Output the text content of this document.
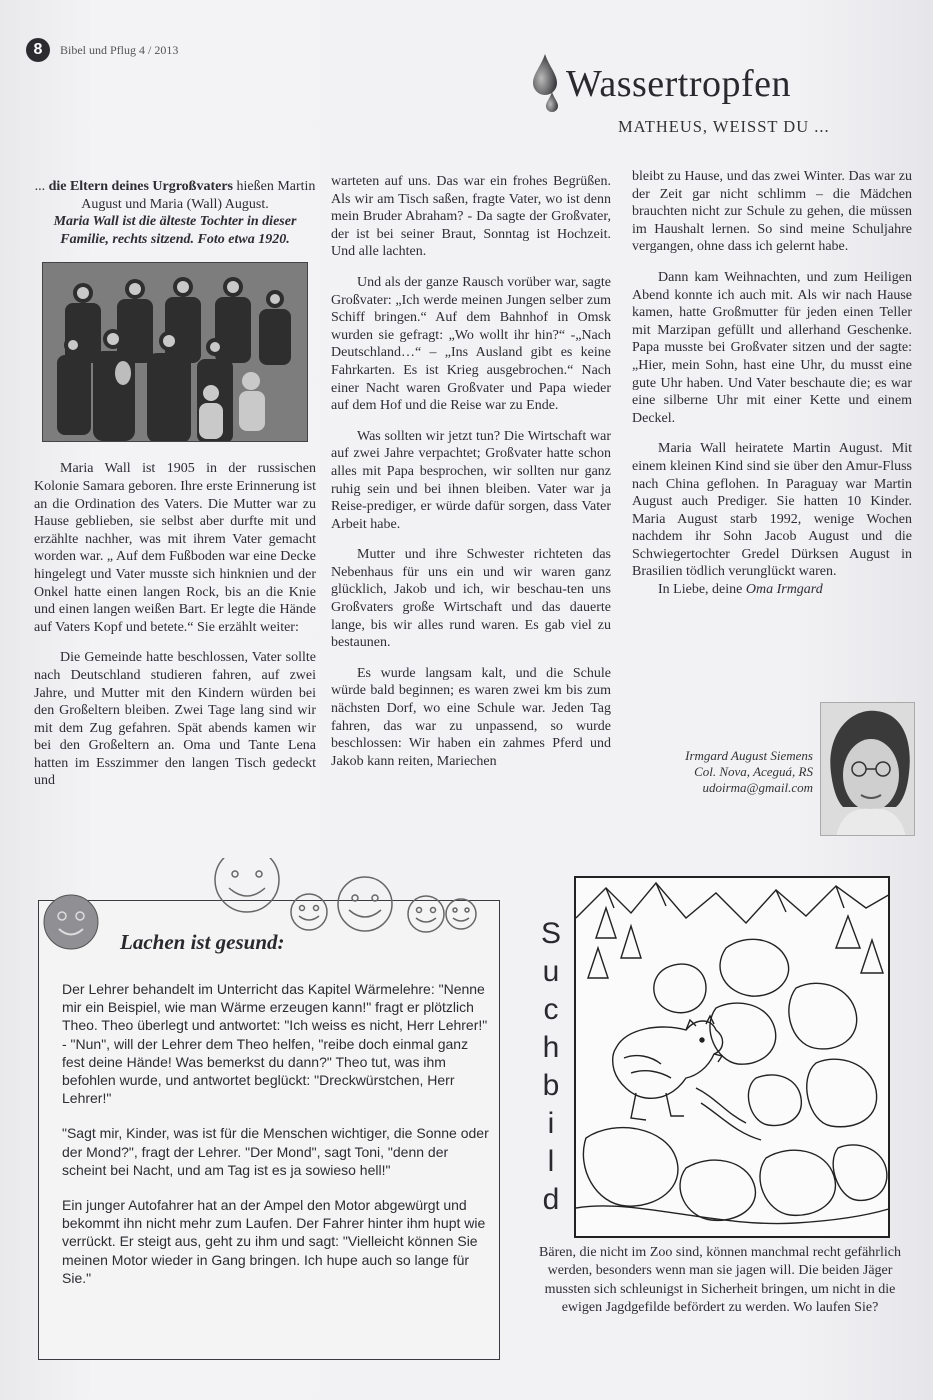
8	Bibel und Pflug 4 / 2013
Wassertropfen
MATHEUS, WEISST DU ...
... die Eltern deines Urgroßvaters hießen Martin August und Maria (Wall) August.
Maria Wall ist die älteste Tochter in dieser Familie, rechts sitzend. Foto etwa 1920.

Maria Wall ist 1905 in der russischen Kolonie Samara geboren. Ihre erste Erinnerung ist an die Ordination des Vaters. Die Mutter war zu Hause geblieben, sie selbst aber durfte mit und erzählte nachher, was mit ihrem Vater gemacht worden war. „ Auf dem Fußboden war eine Decke hingelegt und Vater musste sich hinknien und der Onkel hatte einen langen Rock, bis an die Knie und einen langen weißen Bart. Er legte die Hände auf Vaters Kopf und betete.“ Sie erzählt weiter:

Die Gemeinde hatte beschlossen, Vater sollte nach Deutschland studieren fahren, auf zwei Jahre, und Mutter mit den Kindern würden bei den Großeltern bleiben. Zwei Tage lang sind wir mit dem Zug gefahren. Spät abends kamen wir bei den Großeltern an. Oma und Tante Lena hatten im Esszimmer den langen Tisch gedeckt und

warteten auf uns. Das war ein frohes Begrüßen. Als wir am Tisch saßen, fragte Vater, wo ist denn mein Bruder Abraham? - Da sagte der Großvater, der ist bei seiner Braut, Sonntag ist Hochzeit. Und alle lachten.

Und als der ganze Rausch vorüber war, sagte Großvater: „Ich werde meinen Jungen selber zum Schiff bringen.“ Auf dem Bahnhof in Omsk wurden sie gefragt: „Wo wollt ihr hin?“ -„Nach Deutschland…“ – „Ins Ausland gibt es keine Fahrkarten. Es ist Krieg ausgebrochen.“ Nach einer Nacht waren Großvater und Papa wieder auf dem Hof und die Reise war zu Ende.

Was sollten wir jetzt tun? Die Wirtschaft war auf zwei Jahre verpachtet; Großvater hatte schon alles mit Papa besprochen, wir sollten nur ganz ruhig sein und bei ihnen bleiben. Vater war ja Reise-prediger, er würde dafür sorgen, dass Vater Arbeit habe.

Mutter und ihre Schwester richteten das Nebenhaus für uns ein und wir waren ganz glücklich, Jakob und ich, wir beschau-ten uns Großvaters große Wirtschaft und das dauerte lange, bis wir alles rund waren. Es gab viel zu bestaunen.

Es wurde langsam kalt, und die Schule würde bald beginnen; es waren zwei km bis zum nächsten Dorf, wo eine Schule war. Jeden Tag fahren, das war zu unpassend, so wurde beschlossen: Wir haben ein zahmes Pferd und Jakob kann reiten, Mariechen

bleibt zu Hause, und das zwei Winter. Das war zu der Zeit gar nicht schlimm – die Mädchen brauchten nicht zur Schule zu gehen, die müssen im Haushalt lernen. So sind meine Schuljahre vergangen, ohne dass ich gelernt habe.

Dann kam Weihnachten, und zum Heiligen Abend konnte ich auch mit. Als wir nach Hause kamen, hatte Großmutter für jeden einen Teller mit Marzipan gefüllt und allerhand Geschenke. Papa musste bei Großvater sitzen und der sagte: „Hier, mein Sohn, hast eine Uhr, du musst eine gute Uhr haben. Und Vater beschaute die; es war eine silberne Uhr mit einer Kette und einem Deckel.

Maria Wall heiratete Martin August. Mit einem kleinen Kind sind sie über den Amur-Fluss nach China geflohen. In Paraguay war Martin August auch Prediger. Sie hatten 10 Kinder. Maria August starb 1992, wenige Wochen nachdem ihr Sohn Jacob August und die Schwiegertochter Gredel Dürksen August in Brasilien tödlich verunglückt waren.

In Liebe, deine Oma Irmgard

Irmgard August Siemens
Col. Nova, Aceguá, RS
udoirma@gmail.com
Lachen ist gesund:

Der Lehrer behandelt im Unterricht das Kapitel Wärmelehre: "Nenne mir ein Beispiel, wie man Wärme erzeugen kann!" fragt er plötzlich Theo. Theo überlegt und antwortet: "Ich weiss es nicht, Herr Lehrer!" - "Nun", will der Lehrer dem Theo helfen, "reibe doch einmal ganz fest deine Hände! Was bemerkst du dann?" Theo tut, was ihm befohlen wurde, und antwortet beglückt: "Dreckwürstchen, Herr Lehrer!"

"Sagt mir, Kinder, was ist für die Menschen wichtiger, die Sonne oder der Mond?", fragt der Lehrer. "Der Mond", sagt Toni, "denn der scheint bei Nacht, und am Tag ist es ja sowieso hell!"

Ein junger Autofahrer hat an der Ampel den Motor abgewürgt und bekommt ihn nicht mehr zum Laufen. Der Fahrer hinter ihm hupt wie verrückt. Er steigt aus, geht zu ihm und sagt: "Vielleicht können Sie meinen Motor wieder in Gang bringen. Ich hupe auch so lange für Sie."

S
u
c
h
b
i
l
d
Bären, die nicht im Zoo sind, können manchmal recht gefährlich werden, besonders wenn man sie jagen will. Die beiden Jäger mussten sich schleunigst in Sicherheit bringen, um nicht in die ewigen Jagdgefilde befördert zu werden. Wo laufen Sie?
